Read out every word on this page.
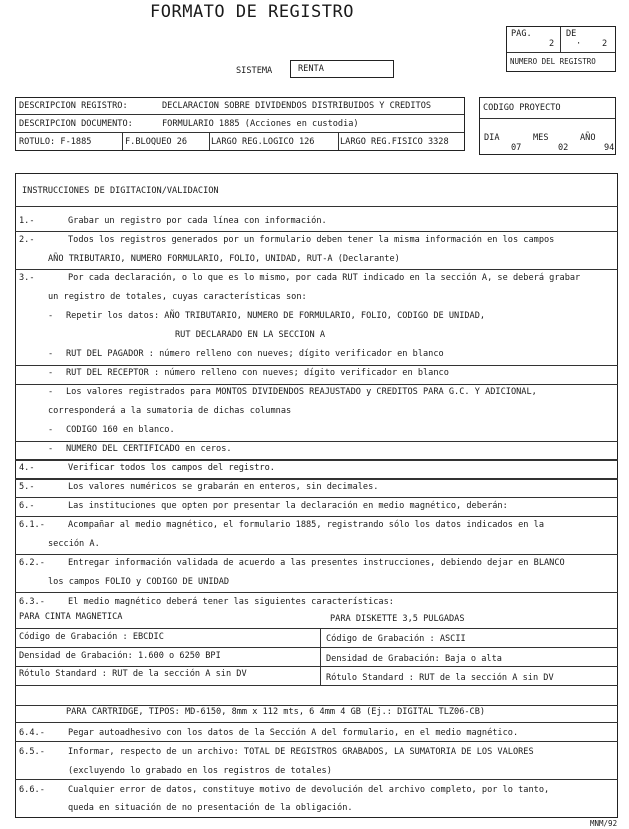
FORMATO DE REGISTRO
PAG.
2
DE
· 2
NUMERO DEL REGISTRO
SISTEMA	RENTA
DESCRIPCION REGISTRO:	DECLARACION SOBRE DIVIDENDOS DISTRIBUIDOS Y CREDITOS
DESCRIPCION DOCUMENTO:	FORMULARIO 1885 (Acciones en custodia)
ROTULO: F-1885	F.BLOQUEO 26	LARGO REG.LOGICO 126	LARGO REG.FISICO 3328
CODIGO PROYECTO
DIA	MES	AÑO
07	02	94
INSTRUCCIONES DE DIGITACION/VALIDACION
1.-	Grabar un registro por cada línea con información.
2.-	Todos los registros generados por un formulario deben tener la misma información en los campos
AÑO TRIBUTARIO, NUMERO FORMULARIO, FOLIO, UNIDAD, RUT-A (Declarante)
3.-	Por cada declaración, o lo que es lo mismo, por cada RUT indicado en la sección A, se deberá grabar
un registro de totales, cuyas características son:
- Repetir los datos: AÑO TRIBUTARIO, NUMERO DE FORMULARIO, FOLIO, CODIGO DE UNIDAD,
RUT DECLARADO EN LA SECCION A
- RUT DEL PAGADOR : número relleno con nueves; dígito verificador en blanco
- RUT DEL RECEPTOR : número relleno con nueves; dígito verificador en blanco
- Los valores registrados para MONTOS DIVIDENDOS REAJUSTADO y CREDITOS PARA G.C. Y ADICIONAL,
corresponderá a la sumatoria de dichas columnas
- CODIGO 160 en blanco.
- NUMERO DEL CERTIFICADO en ceros.
4.-	Verificar todos los campos del registro.
5.-	Los valores numéricos se grabarán en enteros, sin decimales.
6.-	Las instituciones que opten por presentar la declaración en medio magnético, deberán:
6.1.-	Acompañar al medio magnético, el formulario 1885, registrando sólo los datos indicados en la
sección A.
6.2.-	Entregar información validada de acuerdo a las presentes instrucciones, debiendo dejar en BLANCO
los campos FOLIO y CODIGO DE UNIDAD
6.3.-	El medio magnético deberá tener las siguientes características:
PARA CINTA MAGNETICA	PARA DISKETTE 3,5 PULGADAS
Código de Grabación : EBCDIC	Código de Grabación : ASCII
Densidad de Grabación: 1.600 o 6250 BPI	Densidad de Grabación: Baja o alta
Rótulo Standard : RUT de la sección A sin DV	Rótulo Standard : RUT de la sección A sin DV
PARA CARTRIDGE, TIPOS: MD-6150, 8mm x 112 mts, 6 4mm 4 GB (Ej.: DIGITAL TLZ06-CB)
6.4.-	Pegar autoadhesivo con los datos de la Sección A del formulario, en el medio magnético.
6.5.-	Informar, respecto de un archivo: TOTAL DE REGISTROS GRABADOS, LA SUMATORIA DE LOS VALORES
(excluyendo lo grabado en los registros de totales)
6.6.-	Cualquier error de datos, constituye motivo de devolución del archivo completo, por lo tanto,
queda en situación de no presentación de la obligación.
MNM/92
